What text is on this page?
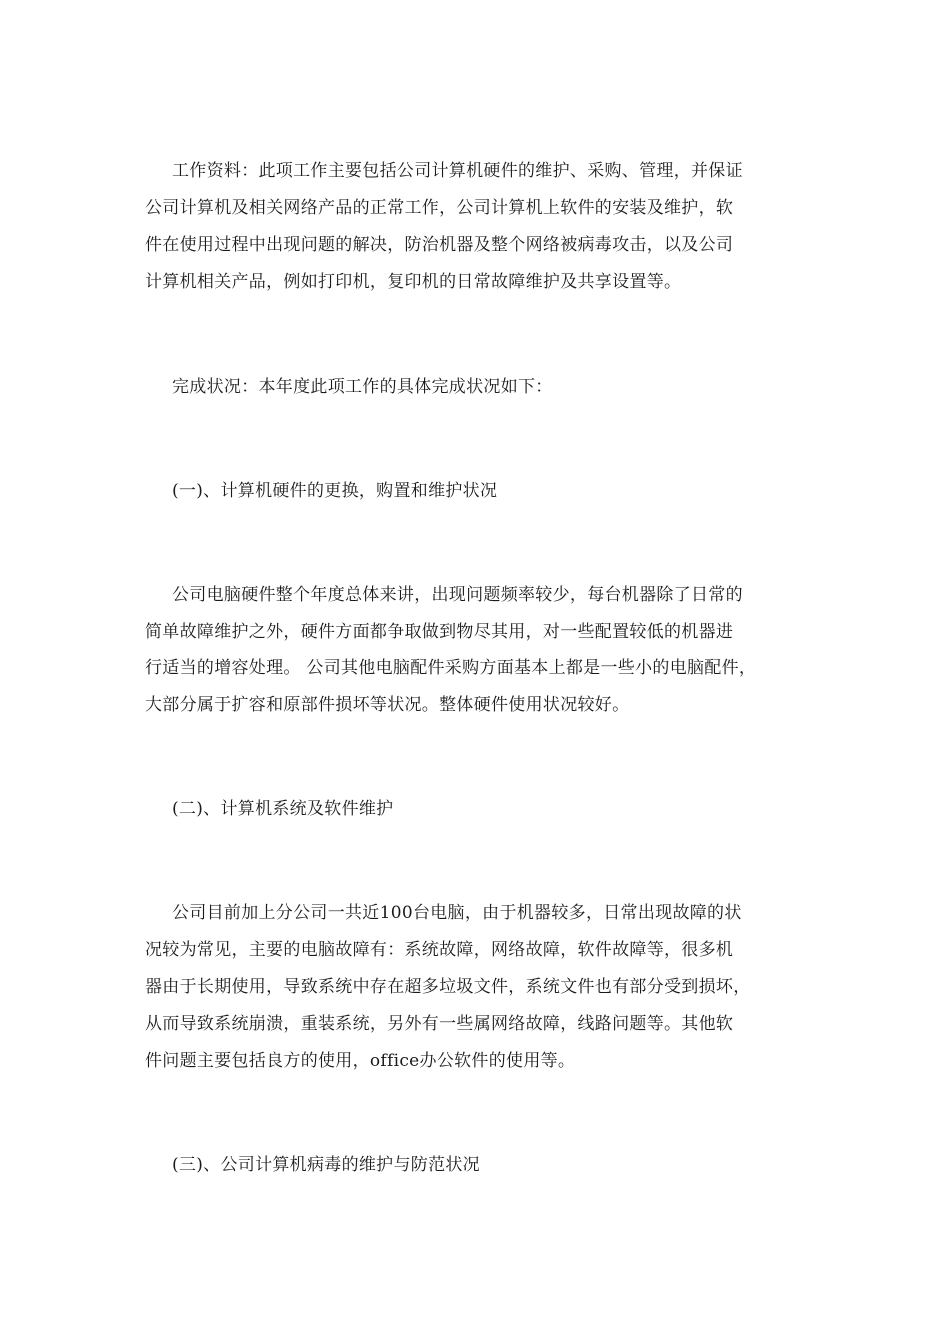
工作资料：此项工作主要包括公司计算机硬件的维护、采购、管理，并保证
公司计算机及相关网络产品的正常工作，公司计算机上软件的安装及维护，软
件在使用过程中出现问题的解决，防治机器及整个网络被病毒攻击，以及公司
计算机相关产品，例如打印机，复印机的日常故障维护及共享设置等。
完成状况：本年度此项工作的具体完成状况如下：
(一)、计算机硬件的更换，购置和维护状况
公司电脑硬件整个年度总体来讲，出现问题频率较少，每台机器除了日常的
简单故障维护之外，硬件方面都争取做到物尽其用，对一些配置较低的机器进
行适当的增容处理。 公司其他电脑配件采购方面基本上都是一些小的电脑配件，
大部分属于扩容和原部件损坏等状况。整体硬件使用状况较好。
(二)、计算机系统及软件维护
公司目前加上分公司一共近100台电脑，由于机器较多，日常出现故障的状
况较为常见，主要的电脑故障有：系统故障，网络故障，软件故障等，很多机
器由于长期使用，导致系统中存在超多垃圾文件，系统文件也有部分受到损坏，
从而导致系统崩溃，重装系统，另外有一些属网络故障，线路问题等。其他软
件问题主要包括良方的使用，office办公软件的使用等。
(三)、公司计算机病毒的维护与防范状况
